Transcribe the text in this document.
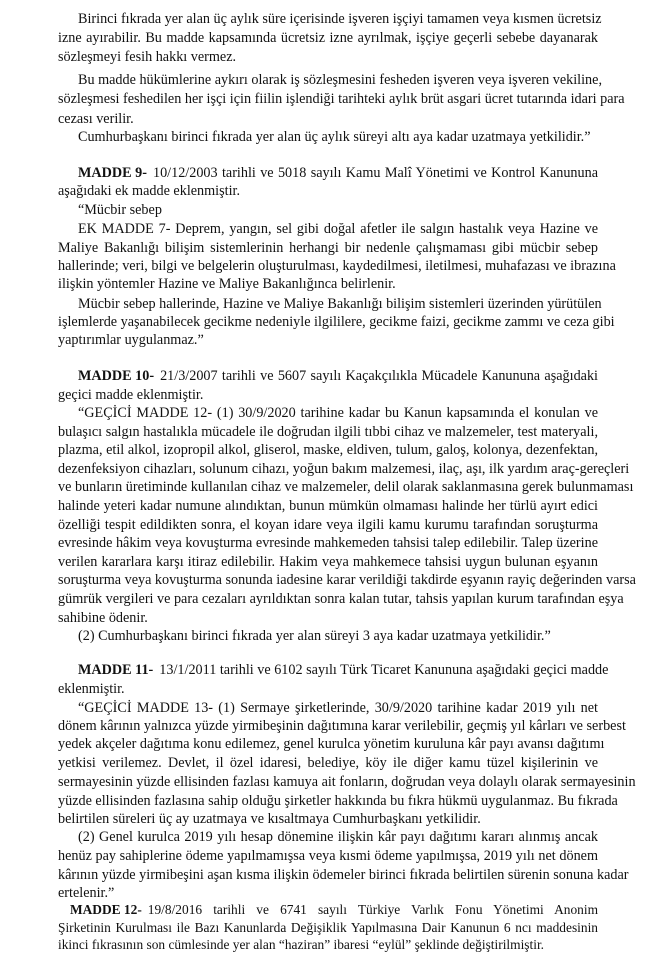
Birinci fıkrada yer alan üç aylık süre içerisinde işveren işçiyi tamamen veya kısmen ücretsiz
izne ayırabilir. Bu madde kapsamında ücretsiz izne ayrılmak, işçiye geçerli sebebe dayanarak
sözleşmeyi fesih hakkı vermez.
Bu madde hükümlerine aykırı olarak iş sözleşmesini fesheden işveren veya işveren vekiline,
sözleşmesi feshedilen her işçi için fiilin işlendiği tarihteki aylık brüt asgari ücret tutarında idari para
cezası verilir.
Cumhurbaşkanı birinci fıkrada yer alan üç aylık süreyi altı aya kadar uzatmaya yetkilidir.”
MADDE 9- 10/12/2003 tarihli ve 5018 sayılı Kamu Malî Yönetimi ve Kontrol Kanununa
aşağıdaki ek madde eklenmiştir.
“Mücbir sebep
EK MADDE 7- Deprem, yangın, sel gibi doğal afetler ile salgın hastalık veya Hazine ve
Maliye Bakanlığı bilişim sistemlerinin herhangi bir nedenle çalışmaması gibi mücbir sebep
hallerinde; veri, bilgi ve belgelerin oluşturulması, kaydedilmesi, iletilmesi, muhafazası ve ibrazına
ilişkin yöntemler Hazine ve Maliye Bakanlığınca belirlenir.
Mücbir sebep hallerinde, Hazine ve Maliye Bakanlığı bilişim sistemleri üzerinden yürütülen
işlemlerde yaşanabilecek gecikme nedeniyle ilgililere, gecikme faizi, gecikme zammı ve ceza gibi
yaptırımlar uygulanmaz.”
MADDE 10- 21/3/2007 tarihli ve 5607 sayılı Kaçakçılıkla Mücadele Kanununa aşağıdaki
geçici madde eklenmiştir.
“GEÇİCİ MADDE 12- (1) 30/9/2020 tarihine kadar bu Kanun kapsamında el konulan ve
bulaşıcı salgın hastalıkla mücadele ile doğrudan ilgili tıbbi cihaz ve malzemeler, test materyali,
plazma, etil alkol, izopropil alkol, gliserol, maske, eldiven, tulum, galoş, kolonya, dezenfektan,
dezenfeksiyon cihazları, solunum cihazı, yoğun bakım malzemesi, ilaç, aşı, ilk yardım araç-gereçleri
ve bunların üretiminde kullanılan cihaz ve malzemeler, delil olarak saklanmasına gerek bulunmaması
halinde yeteri kadar numune alındıktan, bunun mümkün olmaması halinde her türlü ayırt edici
özelliği tespit edildikten sonra, el koyan idare veya ilgili kamu kurumu tarafından soruşturma
evresinde hâkim veya kovuşturma evresinde mahkemeden tahsisi talep edilebilir. Talep üzerine
verilen kararlara karşı itiraz edilebilir. Hakim veya mahkemece tahsisi uygun bulunan eşyanın
soruşturma veya kovuşturma sonunda iadesine karar verildiği takdirde eşyanın rayiç değerinden varsa
gümrük vergileri ve para cezaları ayrıldıktan sonra kalan tutar, tahsis yapılan kurum tarafından eşya
sahibine ödenir.
(2) Cumhurbaşkanı birinci fıkrada yer alan süreyi 3 aya kadar uzatmaya yetkilidir.”
MADDE 11- 13/1/2011 tarihli ve 6102 sayılı Türk Ticaret Kanununa aşağıdaki geçici madde
eklenmiştir.
“GEÇİCİ MADDE 13- (1) Sermaye şirketlerinde, 30/9/2020 tarihine kadar 2019 yılı net
dönem kârının yalnızca yüzde yirmibeşinin dağıtımına karar verilebilir, geçmiş yıl kârları ve serbest
yedek akçeler dağıtıma konu edilemez, genel kurulca yönetim kuruluna kâr payı avansı dağıtımı
yetkisi verilemez. Devlet, il özel idaresi, belediye, köy ile diğer kamu tüzel kişilerinin ve
sermayesinin yüzde ellisinden fazlası kamuya ait fonların, doğrudan veya dolaylı olarak sermayesinin
yüzde ellisinden fazlasına sahip olduğu şirketler hakkında bu fıkra hükmü uygulanmaz. Bu fıkrada
belirtilen süreleri üç ay uzatmaya ve kısaltmaya Cumhurbaşkanı yetkilidir.
(2) Genel kurulca 2019 yılı hesap dönemine ilişkin kâr payı dağıtımı kararı alınmış ancak
henüz pay sahiplerine ödeme yapılmamışsa veya kısmi ödeme yapılmışsa, 2019 yılı net dönem
kârının yüzde yirmibeşini aşan kısma ilişkin ödemeler birinci fıkrada belirtilen sürenin sonuna kadar
ertelenir.”
MADDE 12- 19/8/2016 tarihli ve 6741 sayılı Türkiye Varlık Fonu Yönetimi Anonim
Şirketinin Kurulması ile Bazı Kanunlarda Değişiklik Yapılmasına Dair Kanunun 6 ncı maddesinin
ikinci fıkrasının son cümlesinde yer alan “haziran” ibaresi “eylül” şeklinde değiştirilmiştir.
